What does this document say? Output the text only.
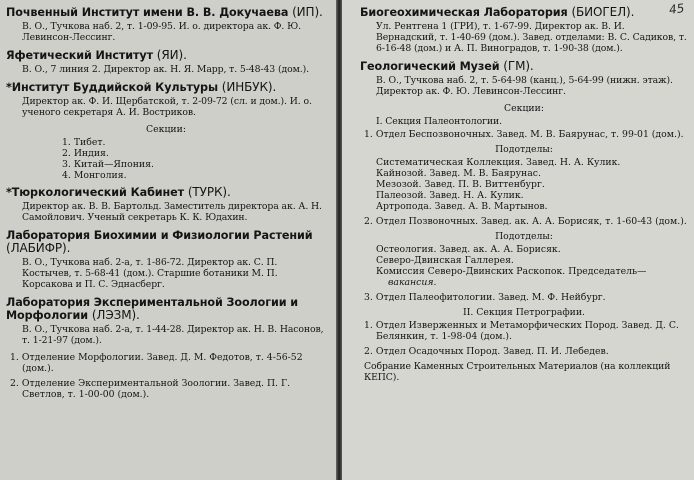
Почвенный Институт имени В. В. Докучаева (ИП).

В. О., Тучкова наб. 2, т. 1-09-95. И. о. директора ак. Ф. Ю. Левинсон-Лессинг.

Яфетический Институт (ЯИ).

В. О., 7 линия 2. Директор ак. Н. Я. Марр, т. 5-48-43 (дом.).

*Институт Буддийской Культуры (ИНБУК).

Директор ак. Ф. И. Щербатской, т. 2-09-72 (сл. и дом.). И. о. ученого секретаря А. И. Востриков.

Секции:

1. Тибет.
2. Индия.
3. Китай—Япония.
4. Монголия.

*Тюркологический Кабинет (ТУРК).

Директор ак. В. В. Бартольд. Заместитель директора ак. А. Н. Самойлович. Ученый секретарь К. К. Юдахин.

Лаборатория Биохимии и Физиологии Растений (ЛАБИФР).

В. О., Тучкова наб. 2-а, т. 1-86-72. Директор ак. С. П. Костычев, т. 5-68-41 (дом.). Старшие ботаники М. П. Корсакова и П. С. Эднасберг.

Лаборатория Экспериментальной Зоологии и Морфологии (ЛЭЗМ).

В. О., Тучкова наб. 2-а, т. 1-44-28. Директор ак. Н. В. Насонов, т. 1-21-97 (дом.).

1. Отделение Морфологии. Завед. Д. М. Федотов, т. 4-56-52 (дом.).

2. Отделение Экспериментальной Зоологии. Завед. П. Г. Светлов, т. 1-00-00 (дом.).

45

Биогеохимическая Лаборатория (БИОГЕЛ).

Ул. Рентгена 1 (ГРИ), т. 1-67-99. Директор ак. В. И. Вернадский, т. 1-40-69 (дом.). Завед. отделами: В. С. Садиков, т. 6-16-48 (дом.) и А. П. Виноградов, т. 1-90-38 (дом.).

Геологический Музей (ГМ).

В. О., Тучкова наб. 2, т. 5-64-98 (канц.), 5-64-99 (нижн. этаж). Директор ак. Ф. Ю. Левинсон-Лессинг.

Секции:

I. Секция Палеонтологии.

1. Отдел Беспозвоночных. Завед. М. В. Баярунас, т. 99-01 (дом.).

Подотделы:

Систематическая Коллекция. Завед. Н. А. Кулик.
Кайнозой. Завед. М. В. Баярунас.
Мезозой. Завед. П. В. Виттенбург.
Палеозой. Завед. Н. А. Кулик.
Артропода. Завед. А. В. Мартынов.

2. Отдел Позвоночных. Завед. ак. А. А. Борисяк, т. 1-60-43 (дом.).

Подотделы:

Остеология. Завед. ак. А. А. Борисяк.
Северо-Двинская Галлерея.
Комиссия Северо-Двинских Раскопок. Председатель— вакансия.

3. Отдел Палеофитологии. Завед. М. Ф. Нейбург.

II. Секция Петрографии.

1. Отдел Изверженных и Метаморфических Пород. Завед. Д. С. Белянкин, т. 1-98-04 (дом.).

2. Отдел Осадочных Пород. Завед. П. И. Лебедев.

Собрание Каменных Строительных Материалов (на коллекций КЕПС).
